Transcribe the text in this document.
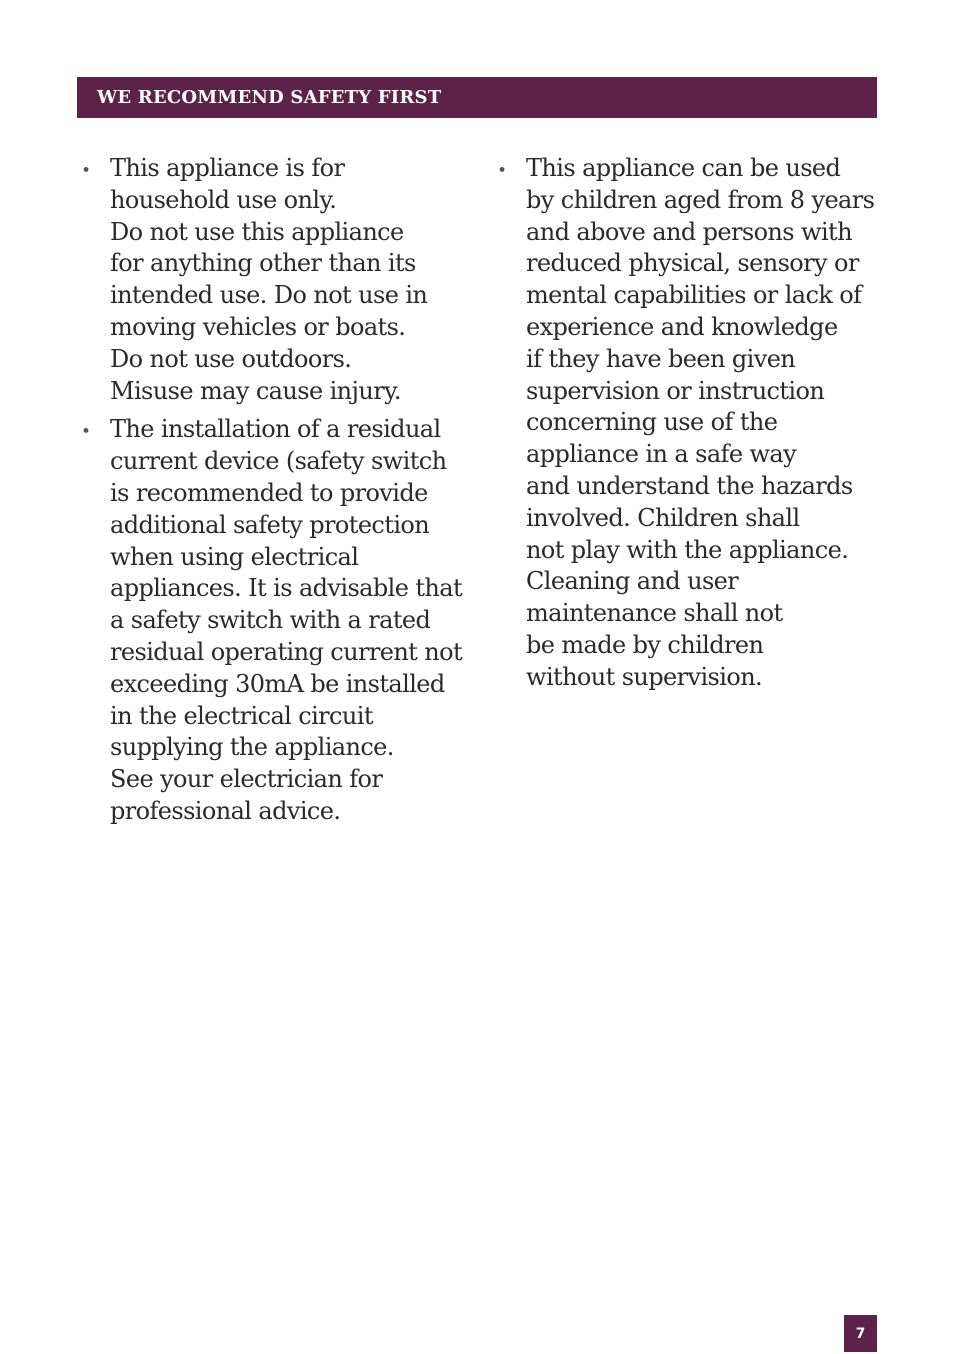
WE RECOMMEND SAFETY FIRST
• This appliance is for
household use only.
Do not use this appliance
for anything other than its
intended use. Do not use in
moving vehicles or boats.
Do not use outdoors.
Misuse may cause injury.
• The installation of a residual
current device (safety switch
is recommended to provide
additional safety protection
when using electrical
appliances. It is advisable that
a safety switch with a rated
residual operating current not
exceeding 30mA be installed
in the electrical circuit
supplying the appliance.
See your electrician for
professional advice.
• This appliance can be used
by children aged from 8 years
and above and persons with
reduced physical, sensory or
mental capabilities or lack of
experience and knowledge
if they have been given
supervision or instruction
concerning use of the
appliance in a safe way
and understand the hazards
involved. Children shall
not play with the appliance.
Cleaning and user
maintenance shall not
be made by children
without supervision.
7
